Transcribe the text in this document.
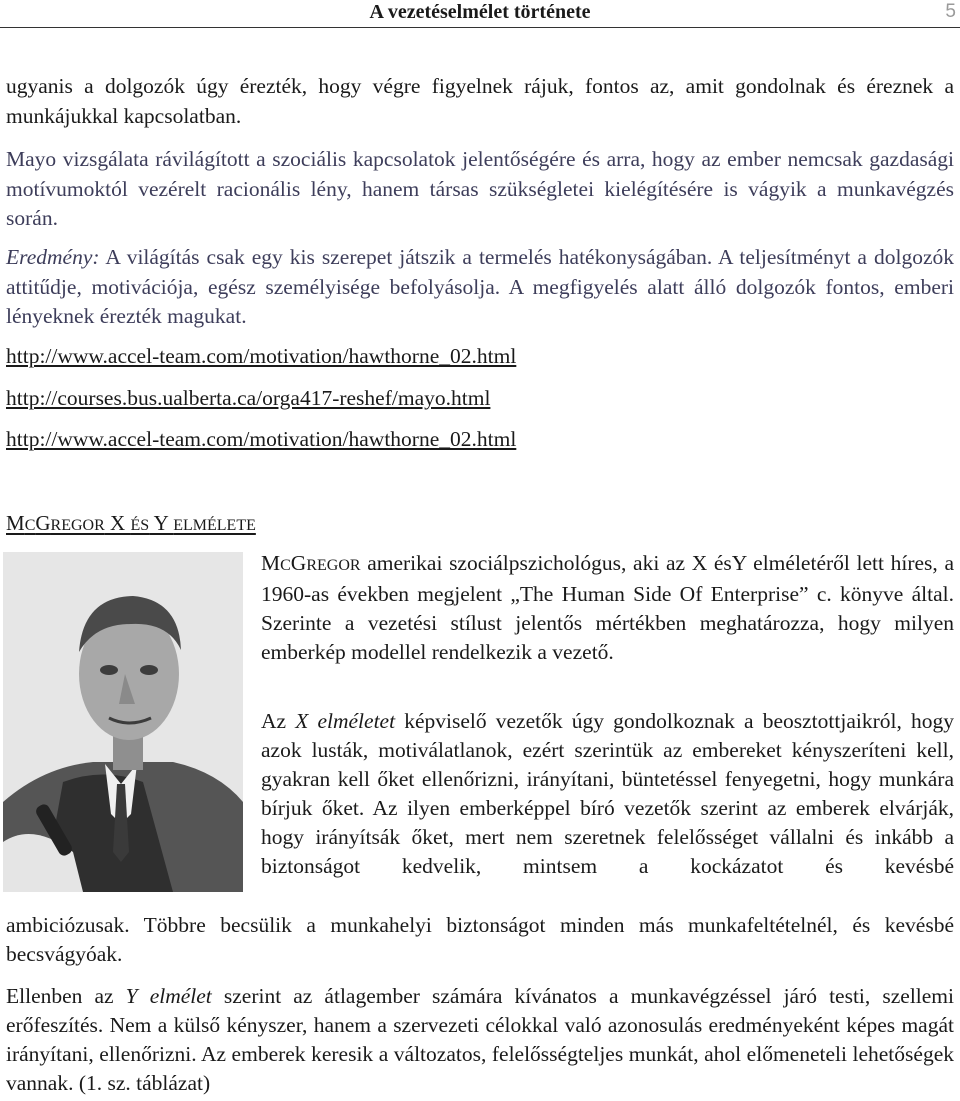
A vezetéselmélet története	5

ugyanis a dolgozók úgy érezték, hogy végre figyelnek rájuk, fontos az, amit gondolnak és éreznek a munkájukkal kapcsolatban.

Mayo vizsgálata rávilágított a szociális kapcsolatok jelentőségére és arra, hogy az ember nemcsak gazdasági motívumoktól vezérelt racionális lény, hanem társas szükségletei kielégítésére is vágyik a munkavégzés során.

Eredmény: A világítás csak egy kis szerepet játszik a termelés hatékonyságában. A teljesítményt a dolgozók attitűdje, motivációja, egész személyisége befolyásolja. A megfigyelés alatt álló dolgozók fontos, emberi lényeknek érezték magukat.

http://www.accel-team.com/motivation/hawthorne_02.html
http://courses.bus.ualberta.ca/orga417-reshef/mayo.html
http://www.accel-team.com/motivation/hawthorne_02.html
MCGREGOR X ÉS Y ELMÉLETE

MCGREGOR amerikai szociálpszichológus, aki az X ésY elméletéről lett híres, a 1960-as években megjelent „The Human Side Of Enterprise” c. könyve által. Szerinte a vezetési stílust jelentős mértékben meghatározza, hogy milyen emberkép modellel rendelkezik a vezető.

Az X elméletet képviselő vezetők úgy gondolkoznak a beosztottjaikról, hogy azok lusták, motiválatlanok, ezért szerintük az embereket kényszeríteni kell, gyakran kell őket ellenőrizni, irányítani, büntetéssel fenyegetni, hogy munkára bírjuk őket. Az ilyen emberképpel bíró vezetők szerint az emberek elvárják, hogy irányítsák őket, mert nem szeretnek felelősséget vállalni és inkább a biztonságot kedvelik, mintsem a kockázatot és kevésbé

ambiciózusak. Többre becsülik a munkahelyi biztonságot minden más munkafeltételnél, és kevésbé becsvágyóak.

Ellenben az Y elmélet szerint az átlagember számára kívánatos a munkavégzéssel járó testi, szellemi erőfeszítés. Nem a külső kényszer, hanem a szervezeti célokkal való azonosulás eredményeként képes magát irányítani, ellenőrizni. Az emberek keresik a változatos, felelősségteljes munkát, ahol előmeneteli lehetőségek vannak. (1. sz. táblázat)
